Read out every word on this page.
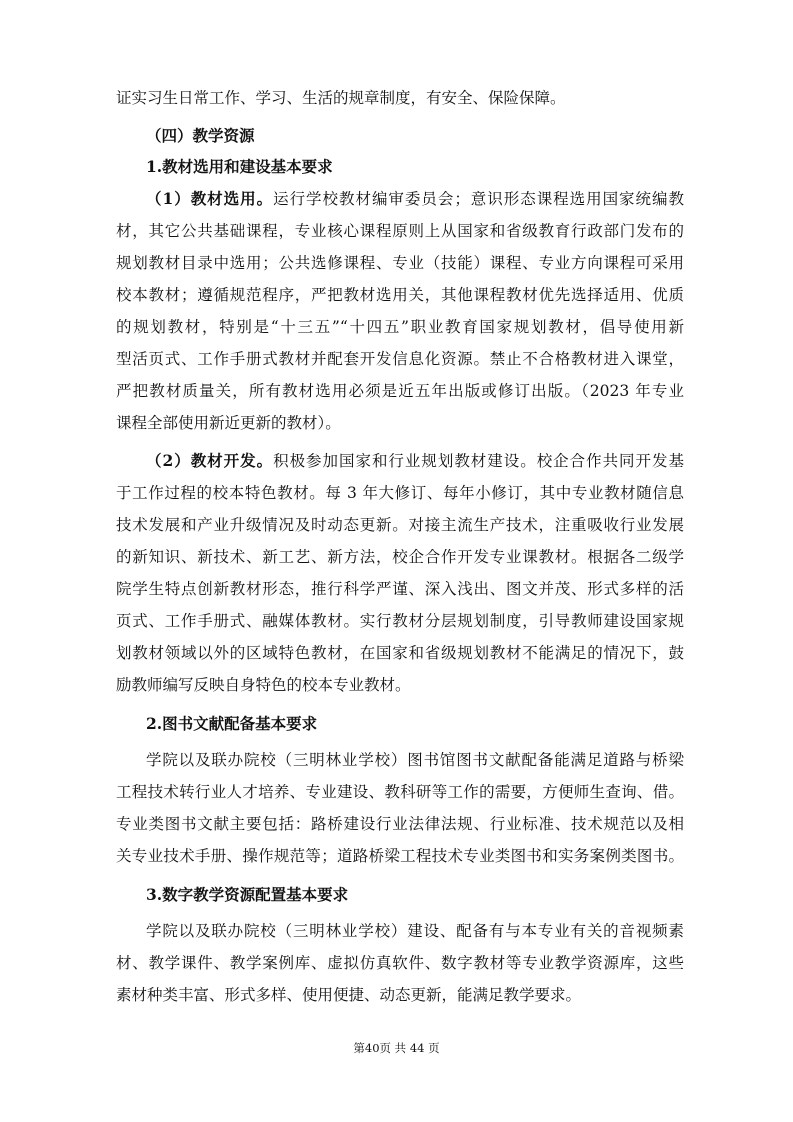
证实习生日常工作、学习、生活的规章制度，有安全、保险保障。
（四）教学资源
1.教材选用和建设基本要求
（1）教材选用。运行学校教材编审委员会；意识形态课程选用国家统编教
材，其它公共基础课程，专业核心课程原则上从国家和省级教育行政部门发布的
规划教材目录中选用；公共选修课程、专业（技能）课程、专业方向课程可采用
校本教材；遵循规范程序，严把教材选用关，其他课程教材优先选择适用、优质
的规划教材，特别是“十三五”“十四五”职业教育国家规划教材，倡导使用新
型活页式、工作手册式教材并配套开发信息化资源。禁止不合格教材进入课堂，
严把教材质量关，所有教材选用必须是近五年出版或修订出版。（2023 年专业
课程全部使用新近更新的教材）。
（2）教材开发。积极参加国家和行业规划教材建设。校企合作共同开发基
于工作过程的校本特色教材。每 3 年大修订、每年小修订，其中专业教材随信息
技术发展和产业升级情况及时动态更新。对接主流生产技术，注重吸收行业发展
的新知识、新技术、新工艺、新方法，校企合作开发专业课教材。根据各二级学
院学生特点创新教材形态，推行科学严谨、深入浅出、图文并茂、形式多样的活
页式、工作手册式、融媒体教材。实行教材分层规划制度，引导教师建设国家规
划教材领域以外的区域特色教材，在国家和省级规划教材不能满足的情况下，鼓
励教师编写反映自身特色的校本专业教材。
2.图书文献配备基本要求
学院以及联办院校（三明林业学校）图书馆图书文献配备能满足道路与桥梁
工程技术转行业人才培养、专业建设、教科研等工作的需要，方便师生查询、借。
专业类图书文献主要包括：路桥建设行业法律法规、行业标准、技术规范以及相
关专业技术手册、操作规范等；道路桥梁工程技术专业类图书和实务案例类图书。
3.数字教学资源配置基本要求
学院以及联办院校（三明林业学校）建设、配备有与本专业有关的音视频素
材、教学课件、教学案例库、虚拟仿真软件、数字教材等专业教学资源库，这些
素材种类丰富、形式多样、使用便捷、动态更新，能满足教学要求。
第40页 共 44 页
